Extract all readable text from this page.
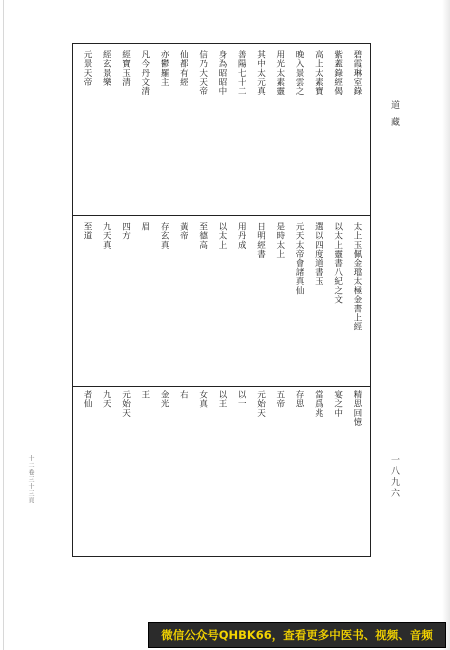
碧霞琳室錄
紫蓋錄經偈
高上太素寶
晚入景雲之
用光太素靈
其中太元真
善陽七十二
身為昭昭中
信乃大天帝
仙都有經
亦鬱羅主
凡今丹文清
經寶玉清
經玄景樂
元景天帝
太上玉佩金璫太極金書上經
以太上靈書八紀之文
選以四度道書玉
元天太帝會諸真仙
是時太上
日明經書
用丹成
以太上
至德高
黃帝
存玄真
眉
四方
九天真
至道
精思回憶
宴之中
當爲兆
存思
五帝
元始天
以一
以王
女真
右
金光
王
元始天
九天
者仙
道藏
一八九六
十二卷三十三頁
微信公众号QHBK66，查看更多中医书、视频、音频
